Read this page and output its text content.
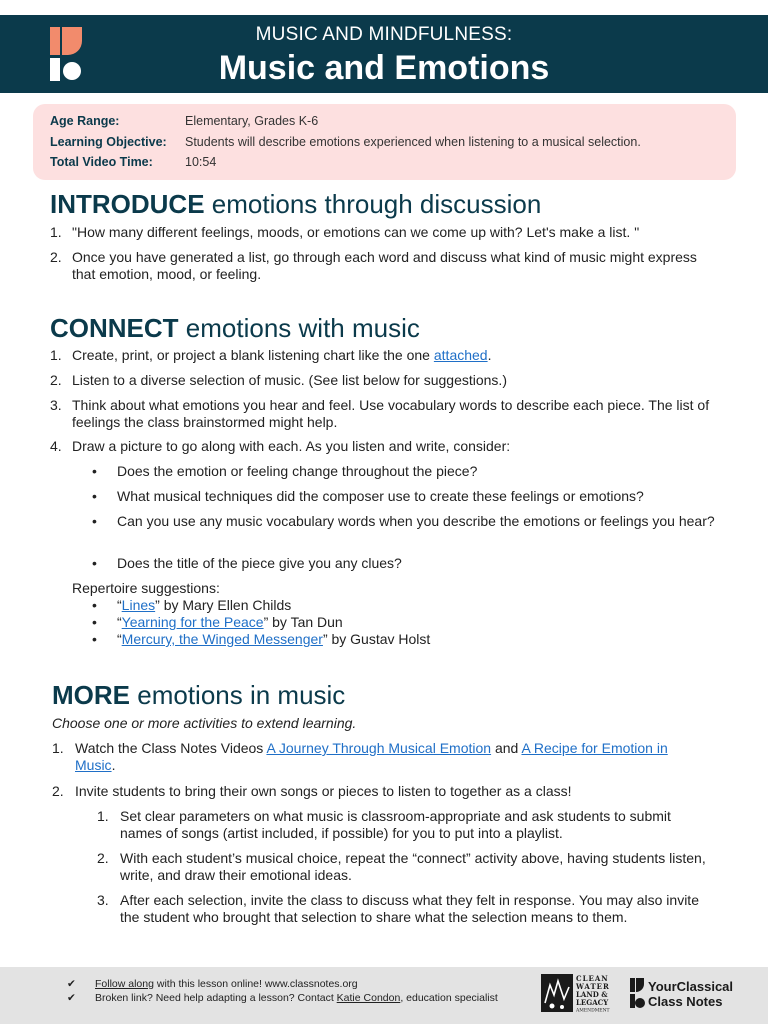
MUSIC AND MINDFULNESS:
Music and Emotions
Age Range:	Elementary, Grades K-6
Learning Objective: Students will describe emotions experienced when listening to a musical selection.
Total Video Time:	10:54
INTRODUCE emotions through discussion
1. "How many different feelings, moods, or emotions can we come up with? Let's make a list. "
2. Once you have generated a list, go through each word and discuss what kind of music might express that emotion, mood, or feeling.
CONNECT emotions with music
1. Create, print, or project a blank listening chart like the one attached.
2. Listen to a diverse selection of music. (See list below for suggestions.)
3. Think about what emotions you hear and feel. Use vocabulary words to describe each piece. The list of feelings the class brainstormed might help.
4. Draw a picture to go along with each. As you listen and write, consider:
• Does the emotion or feeling change throughout the piece?
• What musical techniques did the composer use to create these feelings or emotions?
• Can you use any music vocabulary words when you describe the emotions or feelings you hear?
• Does the title of the piece give you any clues?
Repertoire suggestions:
• “Lines” by Mary Ellen Childs
• “Yearning for the Peace” by Tan Dun
• “Mercury, the Winged Messenger” by Gustav Holst
MORE emotions in music
Choose one or more activities to extend learning.
1. Watch the Class Notes Videos A Journey Through Musical Emotion and A Recipe for Emotion in Music.
2. Invite students to bring their own songs or pieces to listen to together as a class!
1. Set clear parameters on what music is classroom-appropriate and ask students to submit names of songs (artist included, if possible) for you to put into a playlist.
2. With each student’s musical choice, repeat the “connect” activity above, having students listen, write, and draw their emotional ideas.
3. After each selection, invite the class to discuss what they felt in response. You may also invite the student who brought that selection to share what the selection means to them.
✔ Follow along with this lesson online! www.classnotes.org
✔ Broken link? Need help adapting a lesson? Contact Katie Condon, education specialist
CLEAN
WATER
LAND &
LEGACY
AMENDMENT
YourClassical
Class Notes
